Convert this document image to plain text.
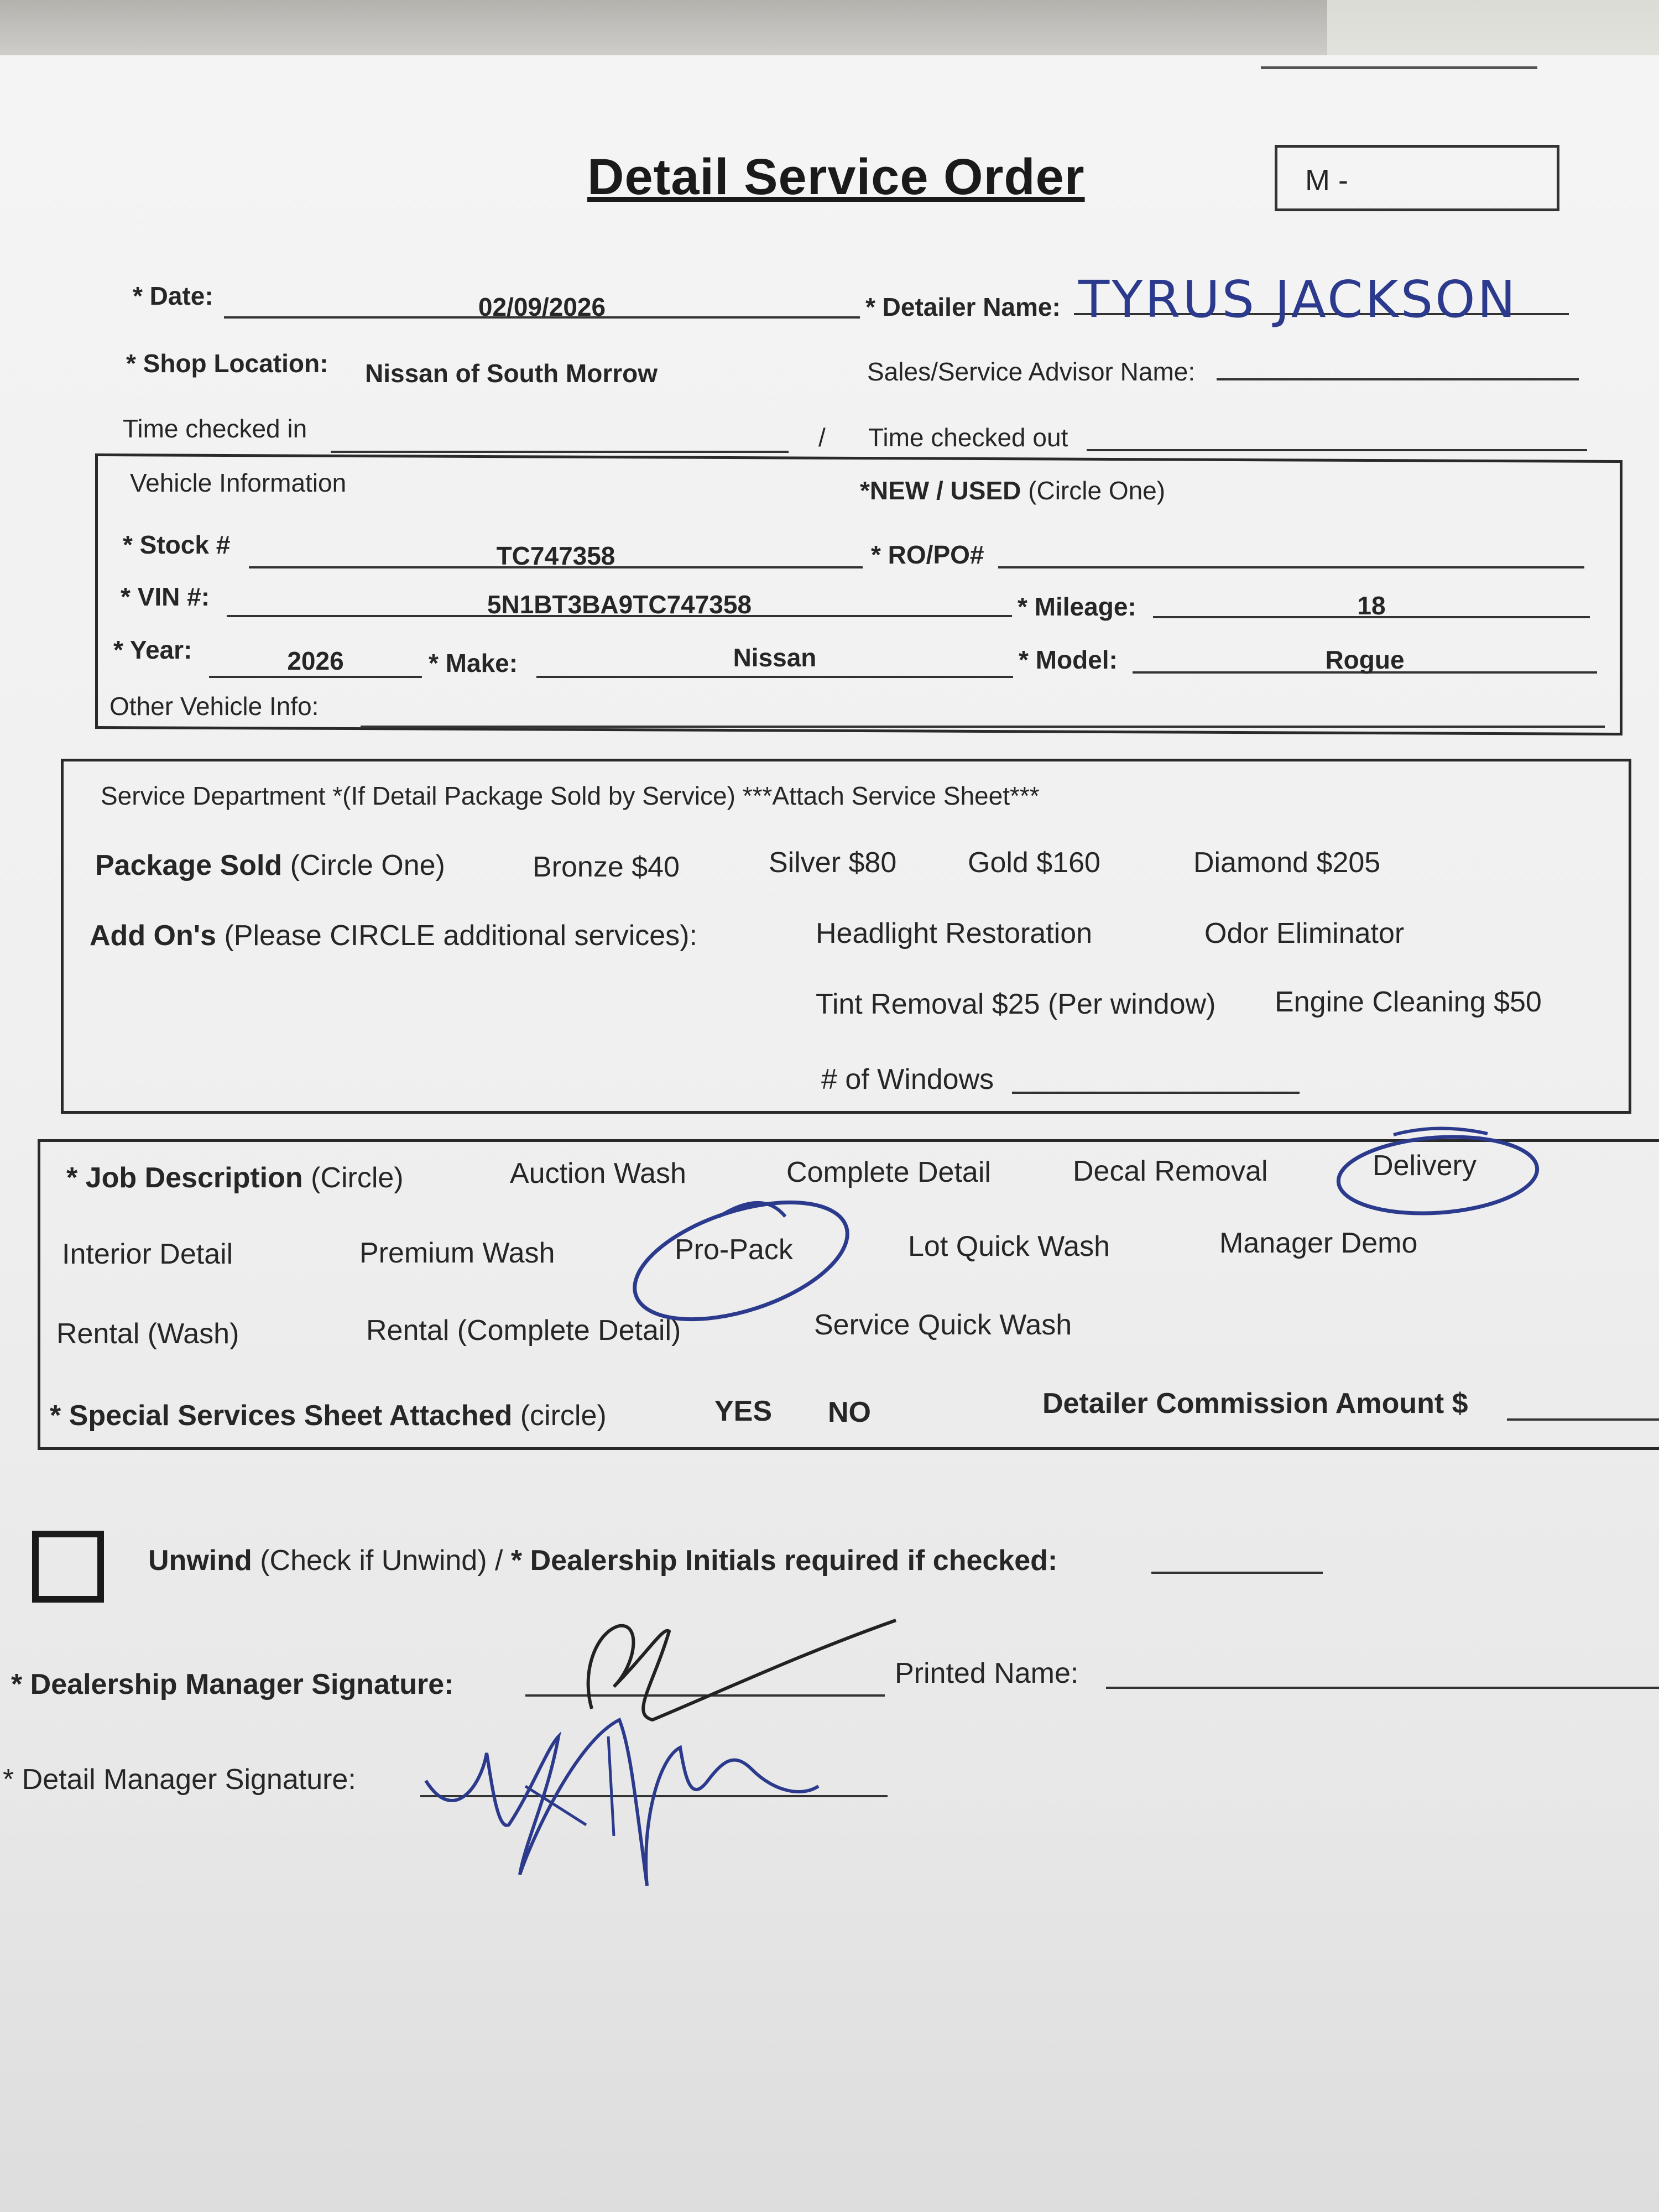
Detail Service Order	M -
* Date:	02/09/2026	* Detailer Name: TYRUS JACKSON
* Shop Location: Nissan of South Morrow	Sales/Service Advisor Name:
Time checked in	/ Time checked out
Vehicle Information	*NEW / USED (Circle One)
* Stock #	TC747358	* RO/PO#
* VIN #:	5N1BT3BA9TC747358	* Mileage:	18
* Year:	2026	* Make:	Nissan	* Model:	Rogue
Other Vehicle Info:
Service Department *(If Detail Package Sold by Service) ***Attach Service Sheet***
Package Sold (Circle One)	Bronze $40	Silver $80 Gold $160	Diamond $205
Add On's (Please CIRCLE additional services):	Headlight Restoration	Odor Eliminator
Tint Removal $25 (Per window) Engine Cleaning $50
# of Windows
* Job Description (Circle)	Auction Wash	Complete Detail	Decal Removal	Delivery
Interior Detail	Premium Wash	Pro-Pack	Lot Quick Wash	Manager Demo
Rental (Wash)	Rental (Complete Detail)	Service Quick Wash
* Special Services Sheet Attached (circle)	YES NO	Detailer Commission Amount $
Unwind (Check if Unwind) / * Dealership Initials required if checked:
* Dealership Manager Signature:	Printed Name:
* Detail Manager Signature:
